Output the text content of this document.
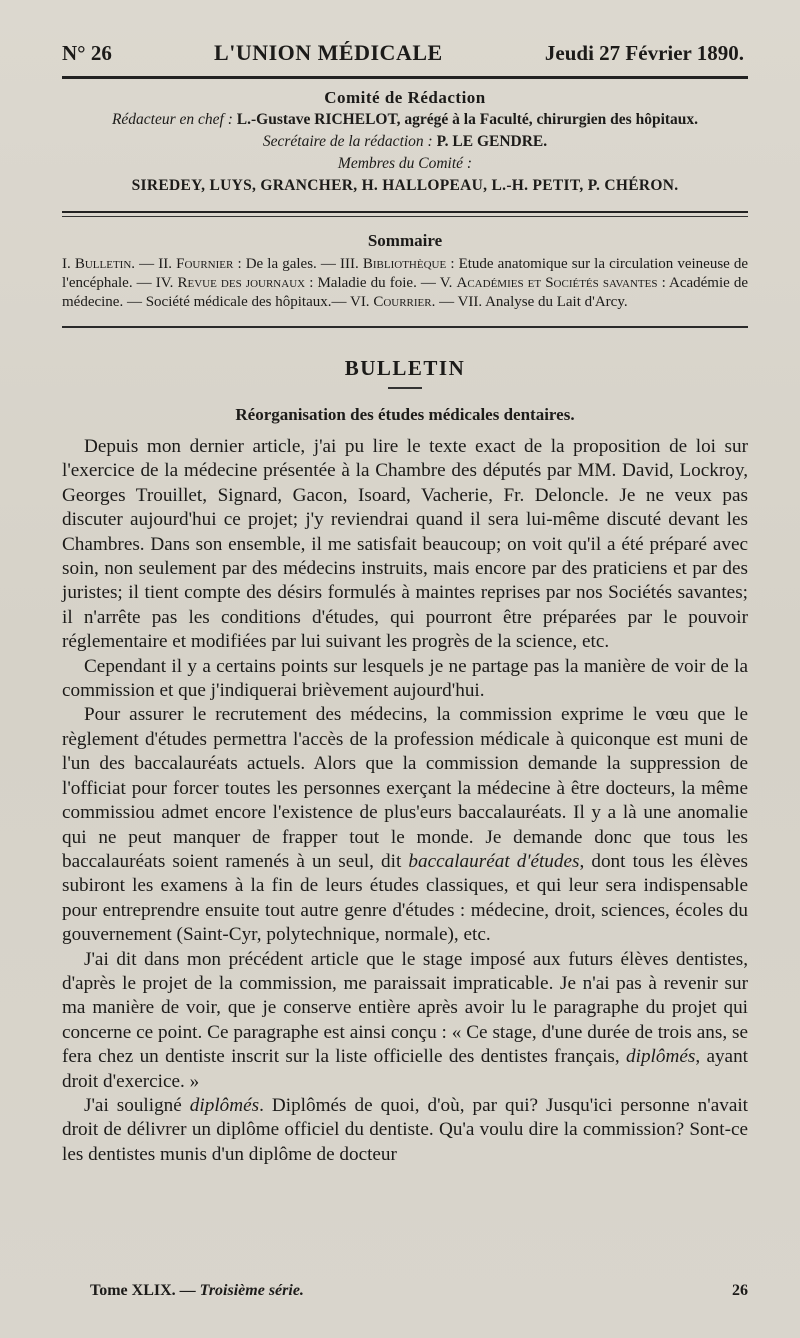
N° 26	L'UNION MÉDICALE	Jeudi 27 Février 1890.
Comité de Rédaction
Rédacteur en chef : L.-Gustave RICHELOT, agrégé à la Faculté, chirurgien des hôpitaux.
Secrétaire de la rédaction : P. LE GENDRE.
Membres du Comité :
SIREDEY, LUYS, GRANCHER, H. HALLOPEAU, L.-H. PETIT, P. CHÉRON.
Sommaire
I. Bulletin. — II. Fournier : De la gales. — III. Bibliothèque : Etude anatomique sur la circulation veineuse de l'encéphale. — IV. Revue des journaux : Maladie du foie. — V. Académies et Sociétés savantes : Académie de médecine. — Société médicale des hôpitaux.— VI. Courrier. — VII. Analyse du Lait d'Arcy.
BULLETIN
Réorganisation des études médicales dentaires.

Depuis mon dernier article, j'ai pu lire le texte exact de la proposition de loi sur l'exercice de la médecine présentée à la Chambre des députés par MM. David, Lockroy, Georges Trouillet, Signard, Gacon, Isoard, Vacherie, Fr. Deloncle. Je ne veux pas discuter aujourd'hui ce projet; j'y reviendrai quand il sera lui-même discuté devant les Chambres. Dans son ensemble, il me satisfait beaucoup; on voit qu'il a été préparé avec soin, non seulement par des médecins instruits, mais encore par des praticiens et par des juristes; il tient compte des désirs formulés à maintes reprises par nos Sociétés savantes; il n'arrête pas les conditions d'études, qui pourront être préparées par le pouvoir réglementaire et modifiées par lui suivant les progrès de la science, etc.

Cependant il y a certains points sur lesquels je ne partage pas la manière de voir de la commission et que j'indiquerai brièvement aujourd'hui.

Pour assurer le recrutement des médecins, la commission exprime le vœu que le règlement d'études permettra l'accès de la profession médicale à quiconque est muni de l'un des baccalauréats actuels. Alors que la commission demande la suppression de l'officiat pour forcer toutes les personnes exerçant la médecine à être docteurs, la même commissiou admet encore l'existence de plus'eurs baccalauréats. Il y a là une anomalie qui ne peut manquer de frapper tout le monde. Je demande donc que tous les baccalauréats soient ramenés à un seul, dit baccalauréat d'études, dont tous les élèves subiront les examens à la fin de leurs études classiques, et qui leur sera indispensable pour entreprendre ensuite tout autre genre d'études : médecine, droit, sciences, écoles du gouvernement (Saint-Cyr, polytechnique, normale), etc.

J'ai dit dans mon précédent article que le stage imposé aux futurs élèves dentistes, d'après le projet de la commission, me paraissait impraticable. Je n'ai pas à revenir sur ma manière de voir, que je conserve entière après avoir lu le paragraphe du projet qui concerne ce point. Ce paragraphe est ainsi conçu : « Ce stage, d'une durée de trois ans, se fera chez un dentiste inscrit sur la liste officielle des dentistes français, diplômés, ayant droit d'exercice. »

J'ai souligné diplômés. Diplômés de quoi, d'où, par qui? Jusqu'ici personne n'avait droit de délivrer un diplôme officiel du dentiste. Qu'a voulu dire la commission? Sont-ce les dentistes munis d'un diplôme de docteur

Tome XLIX. — Troisième série.	26
